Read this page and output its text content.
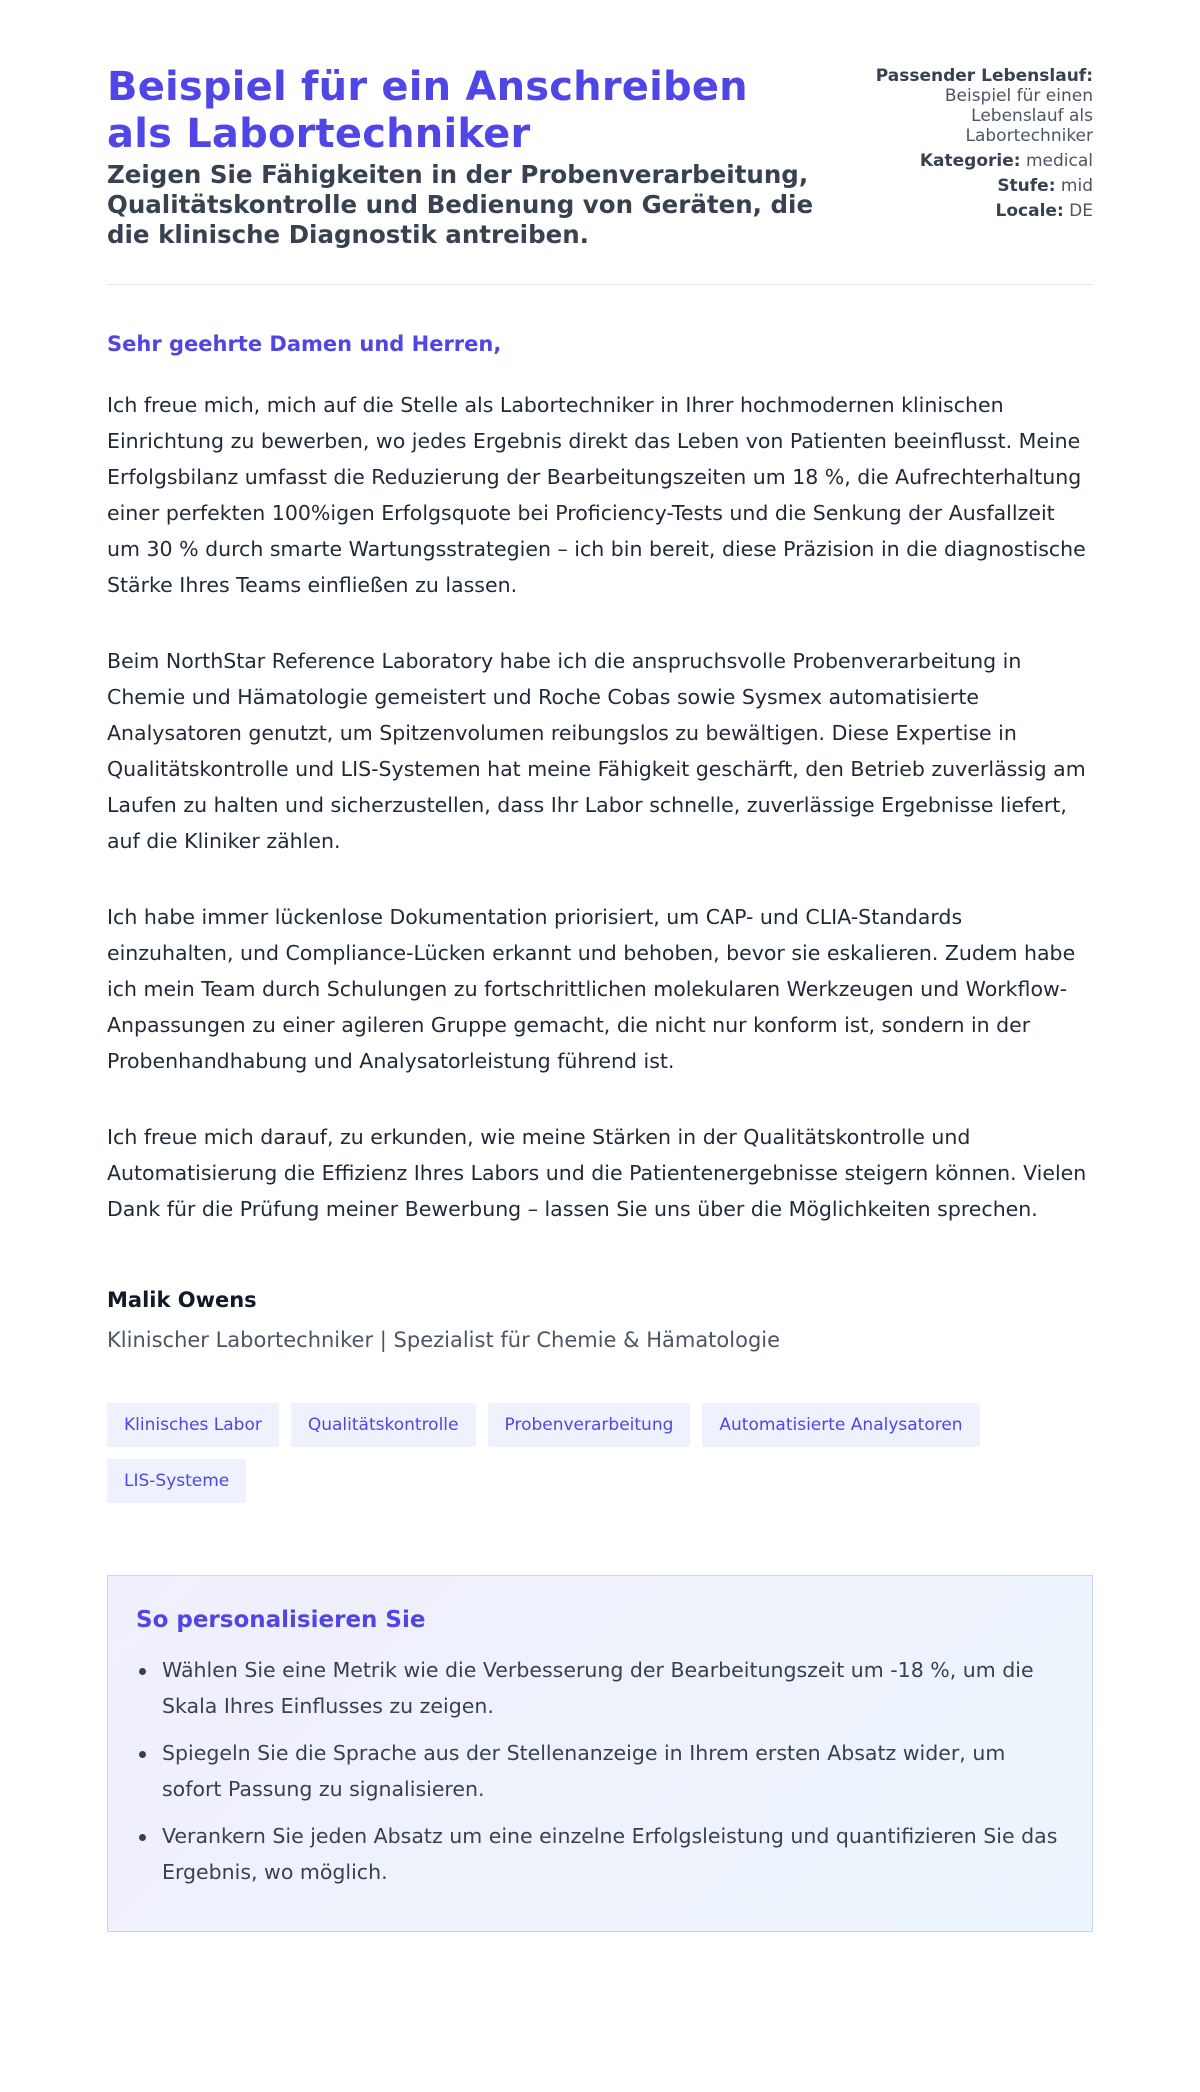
Beispiel für ein Anschreiben als Labortechniker
Zeigen Sie Fähigkeiten in der Probenverarbeitung, Qualitätskontrolle und Bedienung von Geräten, die die klinische Diagnostik antreiben.
Passender Lebenslauf:
Beispiel für einen Lebenslauf als Labortechniker
Kategorie: medical
Stufe: mid
Locale: DE
Sehr geehrte Damen und Herren,

Ich freue mich, mich auf die Stelle als Labortechniker in Ihrer hochmodernen klinischen Einrichtung zu bewerben, wo jedes Ergebnis direkt das Leben von Patienten beeinflusst. Meine Erfolgsbilanz umfasst die Reduzierung der Bearbeitungszeiten um 18 %, die Aufrechterhaltung einer perfekten 100%igen Erfolgsquote bei Proficiency-Tests und die Senkung der Ausfallzeit um 30 % durch smarte Wartungsstrategien – ich bin bereit, diese Präzision in die diagnostische Stärke Ihres Teams einfließen zu lassen.

Beim NorthStar Reference Laboratory habe ich die anspruchsvolle Probenverarbeitung in Chemie und Hämatologie gemeistert und Roche Cobas sowie Sysmex automatisierte Analysatoren genutzt, um Spitzenvolumen reibungslos zu bewältigen. Diese Expertise in Qualitätskontrolle und LIS-Systemen hat meine Fähigkeit geschärft, den Betrieb zuverlässig am Laufen zu halten und sicherzustellen, dass Ihr Labor schnelle, zuverlässige Ergebnisse liefert, auf die Kliniker zählen.

Ich habe immer lückenlose Dokumentation priorisiert, um CAP- und CLIA-Standards einzuhalten, und Compliance-Lücken erkannt und behoben, bevor sie eskalieren. Zudem habe ich mein Team durch Schulungen zu fortschrittlichen molekularen Werkzeugen und Workflow-Anpassungen zu einer agileren Gruppe gemacht, die nicht nur konform ist, sondern in der Probenhandhabung und Analysatorleistung führend ist.

Ich freue mich darauf, zu erkunden, wie meine Stärken in der Qualitätskontrolle und Automatisierung die Effizienz Ihres Labors und die Patientenergebnisse steigern können. Vielen Dank für die Prüfung meiner Bewerbung – lassen Sie uns über die Möglichkeiten sprechen.

Malik Owens
Klinischer Labortechniker | Spezialist für Chemie & Hämatologie
Klinisches Labor	Qualitätskontrolle	Probenverarbeitung	Automatisierte Analysatoren
LIS-Systeme
So personalisieren Sie
Wählen Sie eine Metrik wie die Verbesserung der Bearbeitungszeit um -18 %, um die Skala Ihres Einflusses zu zeigen.
Spiegeln Sie die Sprache aus der Stellenanzeige in Ihrem ersten Absatz wider, um sofort Passung zu signalisieren.
Verankern Sie jeden Absatz um eine einzelne Erfolgsleistung und quantifizieren Sie das Ergebnis, wo möglich.
